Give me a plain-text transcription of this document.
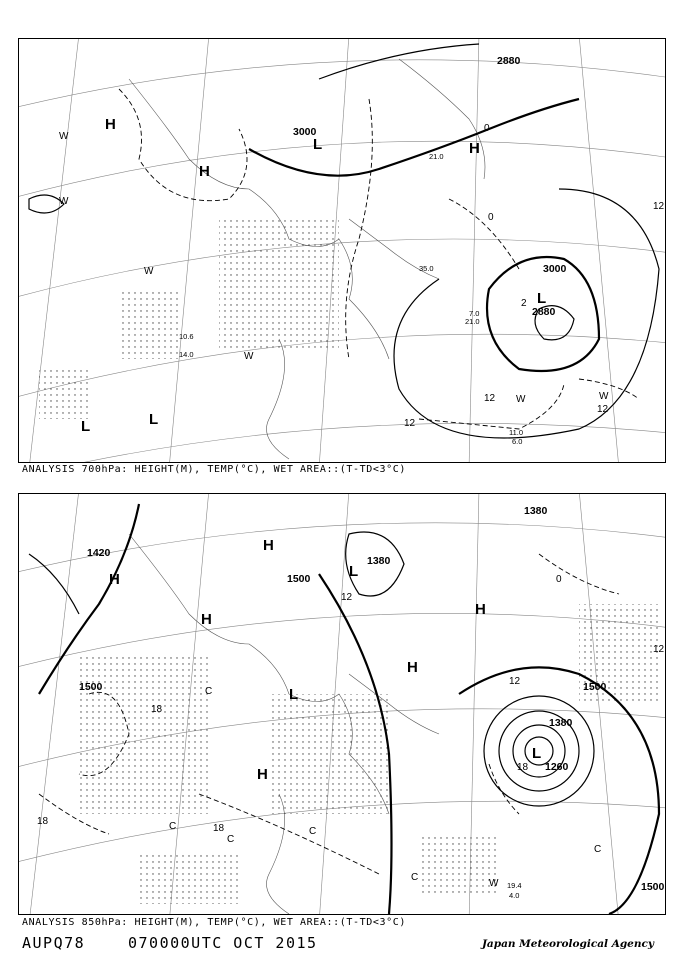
H
H
H
3000
2880
3000
2880
L
L	L
L
W
W
W
W
W	W
12
12
12
12
0
0
2
11.0
6.0
7.0
21.0
10.6
14.0
21.0
35.0
ANALYSIS 700hPa: HEIGHT(M), TEMP(°C), WET AREA::(T-TD<3°C)
1500
1500
1500
1500
1380
1380
1420
1380
1260
L
L
L
H
H
H
H
H
H
C
C
C
C
C
C
W
18
18
18
18
12
12
12
0
19.4
4.0
ANALYSIS 850hPa: HEIGHT(M), TEMP(°C), WET AREA::(T-TD<3°C)
AUPQ78	070000UTC OCT 2015	Japan Meteorological Agency
